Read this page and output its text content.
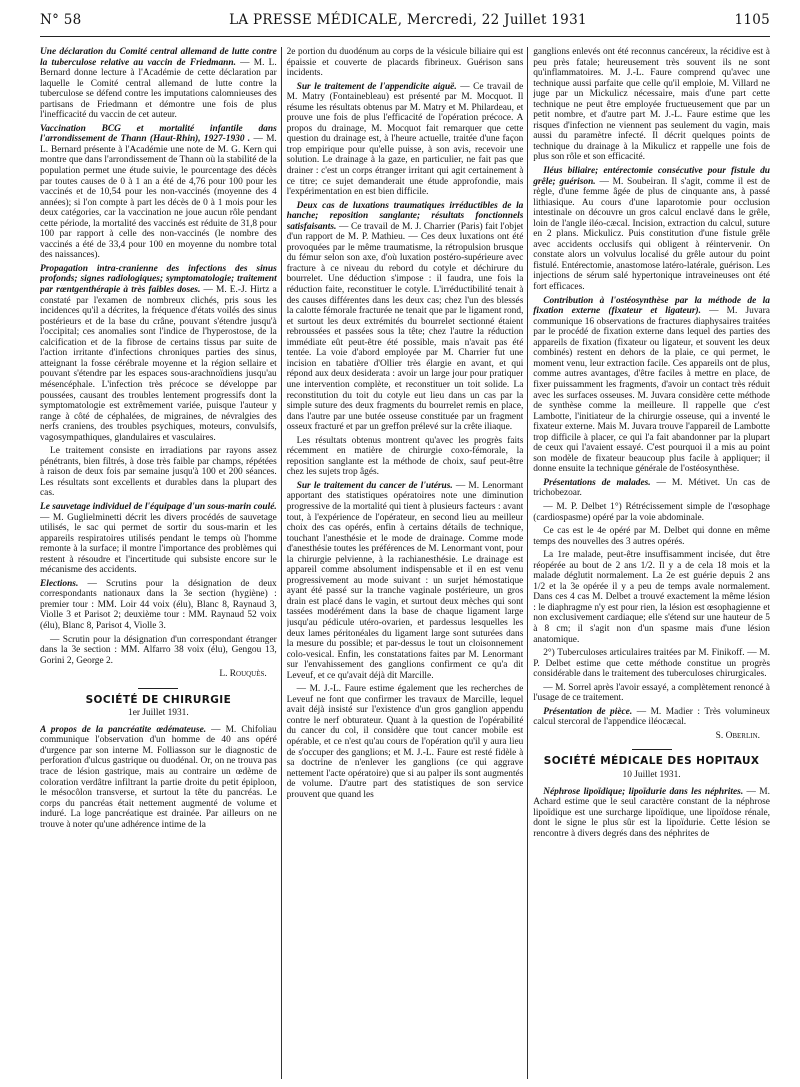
N° 58	LA PRESSE MÉDICALE, Mercredi, 22 Juillet 1931	1105

Une déclaration du Comité central allemand de lutte contre la tuberculose relative au vaccin de Friedmann. — M. L. Bernard donne lecture à l'Académie de cette déclaration par laquelle le Comité central allemand de lutte contre la tuberculose se défend contre les imputations calomnieuses des partisans de Friedmann et démontre une fois de plus l'inefficacité du vaccin de cet auteur.

Vaccination BCG et mortalité infantile dans l'arrondissement de Thann (Haut-Rhin), 1927-1930 . — M. L. Bernard présente à l'Académie une note de M. G. Kern qui montre que dans l'arrondissement de Thann où la stabilité de la population permet une étude suivie, le pourcentage des décès par toutes causes de 0 à 1 an a été de 4,76 pour 100 pour les vaccinés et de 10,54 pour les non-vaccinés (moyenne des 4 années); si l'on compte à part les décès de 0 à 1 mois pour les deux catégories, car la vaccination ne joue aucun rôle pendant cette période, la mortalité des vaccinés est réduite de 31,8 pour 100 par rapport à celle des non-vaccinés (le nombre des vaccinés a été de 33,4 pour 100 en moyenne du nombre total des naissances).

Propagation intra-cranienne des infections des sinus profonds; signes radiologiques; symptomatologie; traitement par rœntgenthérapie à très faibles doses. — M. E.-J. Hirtz a constaté par l'examen de nombreux clichés, pris sous les incidences qu'il a décrites, la fréquence d'états voilés des sinus postérieurs et de la base du crâne, pouvant s'étendre jusqu'à l'occipital; ces anomalies sont l'indice de l'hyperostose, de la calcification et de la fibrose de certains tissus par suite de l'action irritante d'infections chroniques parties des sinus, atteignant la fosse cérébrale moyenne et la région sellaire et pouvant s'étendre par les espaces sous-arachnoïdiens jusqu'au mésencéphale. L'infection très précoce se développe par poussées, causant des troubles lentement progressifs dont la symptomatologie est extrêmement variée, puisque l'auteur y range à côté de céphalées, de migraines, de névralgies des nerfs craniens, des troubles psychiques, moteurs, convulsifs, vagosympathiques, glandulaires et vasculaires.

Le traitement consiste en irradiations par rayons assez pénétrants, bien filtrés, à dose très faible par champs, répétées à raison de deux fois par semaine jusqu'à 100 et 200 séances. Les résultats sont excellents et durables dans la plupart des cas.

Le sauvetage individuel de l'équipage d'un sous-marin coulé. — M. Guglielminetti décrit les divers procédés de sauvetage utilisés, le sac qui permet de sortir du sous-marin et les appareils respiratoires utilisés pendant le temps où l'homme remonte à la surface; il montre l'importance des problèmes qui restent à résoudre et l'incertitude qui subsiste encore sur le mécanisme des accidents.

Elections. — Scrutins pour la désignation de deux correspondants nationaux dans la 3e section (hygiène) : premier tour : MM. Loir 44 voix (élu), Blanc 8, Raynaud 3, Violle 3 et Parisot 2; deuxième tour : MM. Raynaud 52 voix (élu), Blanc 8, Parisot 4, Violle 3.

— Scrutin pour la désignation d'un correspondant étranger dans la 3e section : MM. Alfarro 38 voix (élu), Gengou 13, Gorini 2, George 2.

L. Rouquès.
SOCIÉTÉ DE CHIRURGIE
1er Juillet 1931.

A propos de la pancréatite œdémateuse. — M. Chifoliau communique l'observation d'un homme de 40 ans opéré d'urgence par son interne M. Folliasson sur le diagnostic de perforation d'ulcus gastrique ou duodénal. Or, on ne trouva pas trace de lésion gastrique, mais au contraire un œdème de coloration verdâtre infiltrant la partie droite du petit épiploon, le mésocôlon transverse, et surtout la tête du pancréas. Le corps du pancréas était nettement augmenté de volume et induré. La loge pancréatique est drainée. Par ailleurs on ne trouve à noter qu'une adhérence intime de la

2e portion du duodénum au corps de la vésicule biliaire qui est épaissie et couverte de placards fibrineux. Guérison sans incidents.

Sur le traitement de l'appendicite aiguë. — Ce travail de M. Matry (Fontainebleau) est présenté par M. Mocquot. Il résume les résultats obtenus par M. Matry et M. Philardeau, et prouve une fois de plus l'efficacité de l'opération précoce. A propos du drainage, M. Mocquot fait remarquer que cette question du drainage est, à l'heure actuelle, traitée d'une façon trop empirique pour qu'elle puisse, à son avis, recevoir une solution. Le drainage à la gaze, en particulier, ne fait pas que drainer : c'est un corps étranger irritant qui agit certainement à ce titre; ce sujet demanderait une étude approfondie, mais l'expérimentation en est bien difficile.

Deux cas de luxations traumatiques irréductibles de la hanche; reposition sanglante; résultats fonctionnels satisfaisants. — Ce travail de M. J. Charrier (Paris) fait l'objet d'un rapport de M. P. Mathieu. — Ces deux luxations ont été provoquées par le même traumatisme, la rétropulsion brusque du fémur selon son axe, d'où luxation postéro-supérieure avec fracture à ce niveau du rebord du cotyle et déchirure du bourrelet. Une déduction s'impose : il faudra, une fois la réduction faite, reconstituer le cotyle. L'irréductibilité tenait à des causes différentes dans les deux cas; chez l'un des blessés la calotte fémorale fracturée ne tenait que par le ligament rond, et surtout les deux extrémités du bourrelet sectionné étaient rebroussées et passées sous la tête; chez l'autre la réduction immédiate eût peut-être été possible, mais n'avait pas été tentée. La voie d'abord employée par M. Charrier fut une incision en tabatière d'Ollier très élargie en avant, et qui répond aux deux desiderata : avoir un large jour pour pratiquer une intervention complète, et reconstituer un toit solide. La reconstitution du toit du cotyle eut lieu dans un cas par la simple suture des deux fragments du bourrelet remis en place, dans l'autre par une butée osseuse constituée par un fragment osseux fracturé et par un greffon prélevé sur la crête iliaque.

Les résultats obtenus montrent qu'avec les progrès faits récemment en matière de chirurgie coxo-fémorale, la reposition sanglante est la méthode de choix, sauf peut-être chez les sujets trop âgés.

Sur le traitement du cancer de l'utérus. — M. Lenormant apportant des statistiques opératoires note une diminution progressive de la mortalité qui tient à plusieurs facteurs : avant tout, à l'expérience de l'opérateur, en second lieu au meilleur choix des cas opérés, enfin à certains détails de technique, touchant l'anesthésie et le mode de drainage. Comme mode d'anesthésie toutes les préférences de M. Lenormant vont, pour la chirurgie pelvienne, à la rachianesthésie. Le drainage est appareil comme absolument indispensable et il en est venu progressivement au mode suivant : un surjet hémostatique ayant été passé sur la tranche vaginale postérieure, un gros drain est placé dans le vagin, et surtout deux mèches qui sont tassées modérément dans la base de chaque ligament large jusqu'au pédicule utéro-ovarien, et pardessus lesquelles les deux lames péritonéales du ligament large sont suturées dans la mesure du possible; et par-dessus le tout un cloisonnement colo-vesical. Enfin, les constatations faites par M. Lenormant sur l'envahissement des ganglions confirment ce qu'a dit Leveuf, et ce qu'avait déjà dit Marcille.

— M. J.-L. Faure estime également que les recherches de Leveuf ne font que confirmer les travaux de Marcille, lequel avait déjà insisté sur l'existence d'un gros ganglion appendu contre le nerf obturateur. Quant à la question de l'opérabilité du cancer du col, il considère que tout cancer mobile est opérable, et ce n'est qu'au cours de l'opération qu'il y aura lieu de s'occuper des ganglions; et M. J.-L. Faure est resté fidèle à sa doctrine de n'enlever les ganglions (ce qui aggrave nettement l'acte opératoire) que si au palper ils sont augmentés de volume. D'autre part des statistiques de son service prouvent que quand les

ganglions enlevés ont été reconnus cancéreux, la récidive est à peu près fatale; heureusement très souvent ils ne sont qu'inflammatoires. M. J.-L. Faure comprend qu'avec une technique aussi parfaite que celle qu'il emploie, M. Villard ne juge par un Mickulicz nécessaire, mais d'une part cette technique ne peut être employée fructueusement que par un petit nombre, et d'autre part M. J.-L. Faure estime que les risques d'infection ne viennent pas seulement du vagin, mais aussi du paramètre infecté. Il décrit quelques points de technique du drainage à la Mikulicz et rappelle une fois de plus son rôle et son efficacité.

Iléus biliaire; entérectomie consécutive pour fistule du grêle; guérison. — M. Soubeiran. Il s'agit, comme il est de règle, d'une femme âgée de plus de cinquante ans, à passé lithiasique. Au cours d'une laparotomie pour occlusion intestinale on découvre un gros calcul enclavé dans le grêle, loin de l'angle iléo-cæcal. Incision, extraction du calcul, suture en 2 plans. Mickulicz. Puis constitution d'une fistule grêle avec accidents occlusifs qui obligent à réintervenir. On constate alors un volvulus localisé du grêle autour du point fistulé. Entérectomie, anastomose latéro-latérale, guérison. Les injections de sérum salé hypertonique intraveineuses ont été fort efficaces.

Contribution à l'ostéosynthèse par la méthode de la fixation externe (fixateur et ligateur). — M. Juvara communique 16 observations de fractures diaphysaires traitées par le procédé de fixation externe dans lequel des parties des appareils de fixation (fixateur ou ligateur, et souvent les deux combinés) restent en dehors de la plaie, ce qui permet, le moment venu, leur extraction facile. Ces appareils ont de plus, comme autres avantages, d'être faciles à mettre en place, de fixer puissamment les fragments, d'avoir un contact très réduit avec les surfaces osseuses. M. Juvara considère cette méthode de synthèse comme la meilleure. Il rappelle que c'est Lambotte, l'initiateur de la chirurgie osseuse, qui a inventé le fixateur externe. Mais M. Juvara trouve l'appareil de Lambotte trop difficile à placer, ce qui l'a fait abandonner par la plupart de ceux qui l'avaient essayé. C'est pourquoi il a mis au point son modèle de fixateur beaucoup plus facile à appliquer; il donne ensuite la technique générale de l'ostéosynthèse.

Présentations de malades. — M. Métivet. Un cas de trichobezoar.

— M. P. Delbet 1°) Rétrécissement simple de l'œsophage (cardiospasme) opéré par la voie abdominale.

Ce cas est le 4e opéré par M. Delbet qui donne en même temps des nouvelles des 3 autres opérés.

La 1re malade, peut-être insuffisamment incisée, dut être réopérée au bout de 2 ans 1/2. Il y a de cela 18 mois et la malade déglutit normalement. La 2e est guérie depuis 2 ans 1/2 et la 3e opérée il y a peu de temps avale normalement. Dans ces 4 cas M. Delbet a trouvé exactement la même lésion : le diaphragme n'y est pour rien, la lésion est œsophagienne et non exclusivement cardiaque; elle s'étend sur une hauteur de 5 à 8 cm; il s'agit non d'un spasme mais d'une lésion anatomique.

2°) Tuberculoses articulaires traitées par M. Finikoff. — M. P. Delbet estime que cette méthode constitue un progrès considérable dans le traitement des tuberculoses chirurgicales.

— M. Sorrel après l'avoir essayé, a complètement renoncé à l'usage de ce traitement.

Présentation de pièce. — M. Madier : Très volumineux calcul stercoral de l'appendice iléocæcal.

S. Oberlin.
SOCIÉTÉ MÉDICALE DES HOPITAUX
10 Juillet 1931.

Néphrose lipoïdique; lipoïdurie dans les néphrites. — M. Achard estime que le seul caractère constant de la néphrose lipoïdique est une surcharge lipoïdique, une lipoïdose rénale, dont le signe le plus sûr est la lipoïdurie. Cette lésion se rencontre à divers degrés dans des néphrites de
